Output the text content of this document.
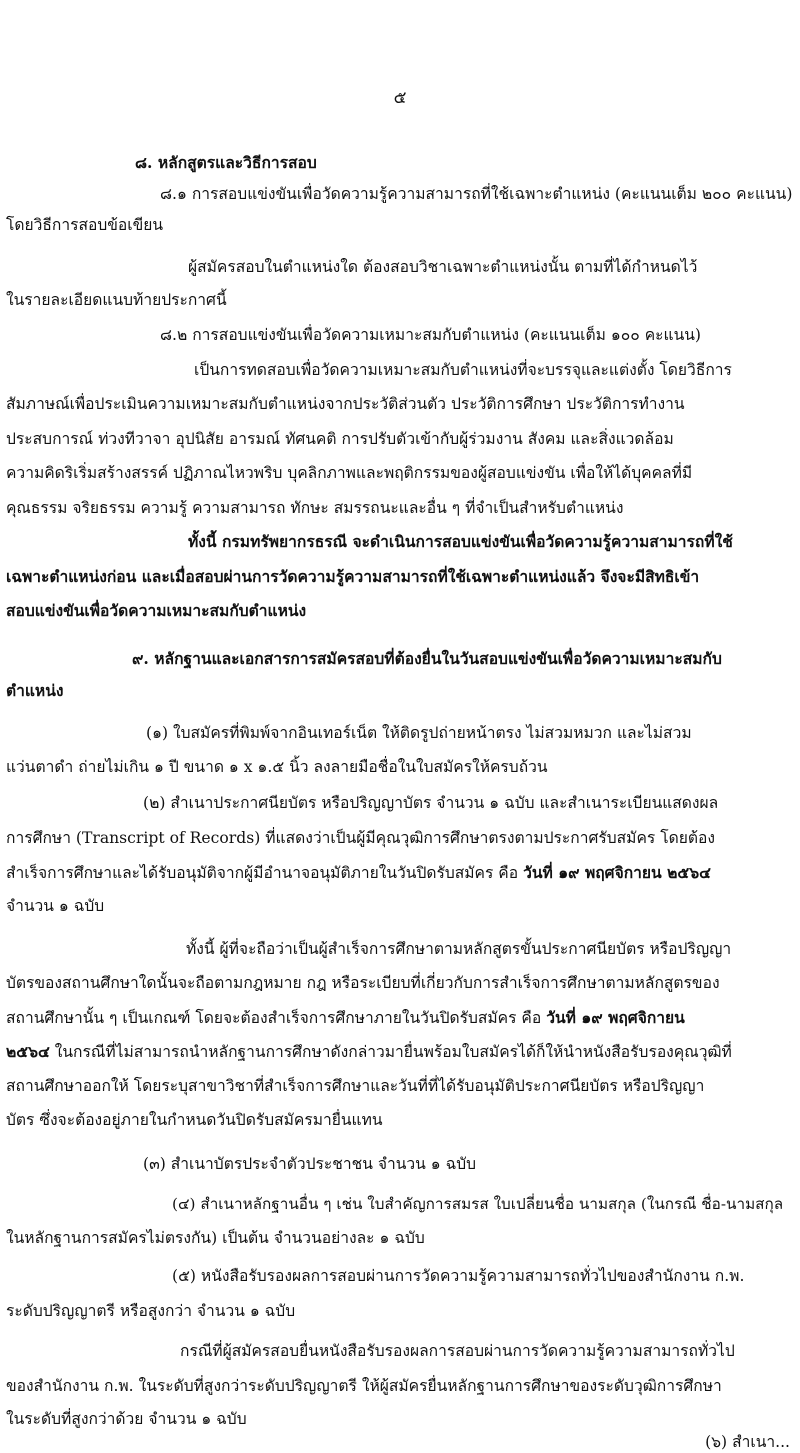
๕
๘. หลักสูตรและวิธีการสอบ
๘.๑ การสอบแข่งขันเพื่อวัดความรู้ความสามารถที่ใช้เฉพาะตำแหน่ง (คะแนนเต็ม ๒๐๐ คะแนน)
โดยวิธีการสอบข้อเขียน
ผู้สมัครสอบในตำแหน่งใด ต้องสอบวิชาเฉพาะตำแหน่งนั้น ตามที่ได้กำหนดไว้
ในรายละเอียดแนบท้ายประกาศนี้
๘.๒ การสอบแข่งขันเพื่อวัดความเหมาะสมกับตำแหน่ง (คะแนนเต็ม ๑๐๐ คะแนน)
เป็นการทดสอบเพื่อวัดความเหมาะสมกับตำแหน่งที่จะบรรจุและแต่งตั้ง โดยวิธีการ
สัมภาษณ์เพื่อประเมินความเหมาะสมกับตำแหน่งจากประวัติส่วนตัว ประวัติการศึกษา ประวัติการทำงาน
ประสบการณ์ ท่วงทีวาจา อุปนิสัย อารมณ์ ทัศนคติ การปรับตัวเข้ากับผู้ร่วมงาน สังคม และสิ่งแวดล้อม
ความคิดริเริ่มสร้างสรรค์ ปฏิภาณไหวพริบ บุคลิกภาพและพฤติกรรมของผู้สอบแข่งขัน เพื่อให้ได้บุคคลที่มี
คุณธรรม จริยธรรม ความรู้ ความสามารถ ทักษะ สมรรถนะและอื่น ๆ ที่จำเป็นสำหรับตำแหน่ง
ทั้งนี้ กรมทรัพยากรธรณี จะดำเนินการสอบแข่งขันเพื่อวัดความรู้ความสามารถที่ใช้
เฉพาะตำแหน่งก่อน และเมื่อสอบผ่านการวัดความรู้ความสามารถที่ใช้เฉพาะตำแหน่งแล้ว จึงจะมีสิทธิเข้า
สอบแข่งขันเพื่อวัดความเหมาะสมกับตำแหน่ง
๙. หลักฐานและเอกสารการสมัครสอบที่ต้องยื่นในวันสอบแข่งขันเพื่อวัดความเหมาะสมกับ
ตำแหน่ง
(๑) ใบสมัครที่พิมพ์จากอินเทอร์เน็ต ให้ติดรูปถ่ายหน้าตรง ไม่สวมหมวก และไม่สวม
แว่นตาดำ ถ่ายไม่เกิน ๑ ปี ขนาด ๑ x ๑.๕ นิ้ว ลงลายมือชื่อในใบสมัครให้ครบถ้วน
(๒) สำเนาประกาศนียบัตร หรือปริญญาบัตร จำนวน ๑ ฉบับ และสำเนาระเบียนแสดงผล
การศึกษา (Transcript of Records) ที่แสดงว่าเป็นผู้มีคุณวุฒิการศึกษาตรงตามประกาศรับสมัคร โดยต้อง
สำเร็จการศึกษาและได้รับอนุมัติจากผู้มีอำนาจอนุมัติภายในวันปิดรับสมัคร คือ วันที่ ๑๙ พฤศจิกายน ๒๕๖๔
จำนวน ๑ ฉบับ
ทั้งนี้ ผู้ที่จะถือว่าเป็นผู้สำเร็จการศึกษาตามหลักสูตรขั้นประกาศนียบัตร หรือปริญญา
บัตรของสถานศึกษาใดนั้นจะถือตามกฎหมาย กฎ หรือระเบียบที่เกี่ยวกับการสำเร็จการศึกษาตามหลักสูตรของ
สถานศึกษานั้น ๆ เป็นเกณฑ์ โดยจะต้องสำเร็จการศึกษาภายในวันปิดรับสมัคร คือ วันที่ ๑๙ พฤศจิกายน
๒๕๖๔ ในกรณีที่ไม่สามารถนำหลักฐานการศึกษาดังกล่าวมายื่นพร้อมใบสมัครได้ก็ให้นำหนังสือรับรองคุณวุฒิที่
สถานศึกษาออกให้ โดยระบุสาขาวิชาที่สำเร็จการศึกษาและวันที่ที่ได้รับอนุมัติประกาศนียบัตร หรือปริญญา
บัตร ซึ่งจะต้องอยู่ภายในกำหนดวันปิดรับสมัครมายื่นแทน
(๓) สำเนาบัตรประจำตัวประชาชน จำนวน ๑ ฉบับ
(๔) สำเนาหลักฐานอื่น ๆ เช่น ใบสำคัญการสมรส ใบเปลี่ยนชื่อ นามสกุล (ในกรณี ชื่อ-นามสกุล
ในหลักฐานการสมัครไม่ตรงกัน) เป็นต้น จำนวนอย่างละ ๑ ฉบับ
(๕) หนังสือรับรองผลการสอบผ่านการวัดความรู้ความสามารถทั่วไปของสำนักงาน ก.พ.
ระดับปริญญาตรี หรือสูงกว่า จำนวน ๑ ฉบับ
กรณีที่ผู้สมัครสอบยื่นหนังสือรับรองผลการสอบผ่านการวัดความรู้ความสามารถทั่วไป
ของสำนักงาน ก.พ. ในระดับที่สูงกว่าระดับปริญญาตรี ให้ผู้สมัครยื่นหลักฐานการศึกษาของระดับวุฒิการศึกษา
ในระดับที่สูงกว่าด้วย จำนวน ๑ ฉบับ
(๖) สำเนา...
